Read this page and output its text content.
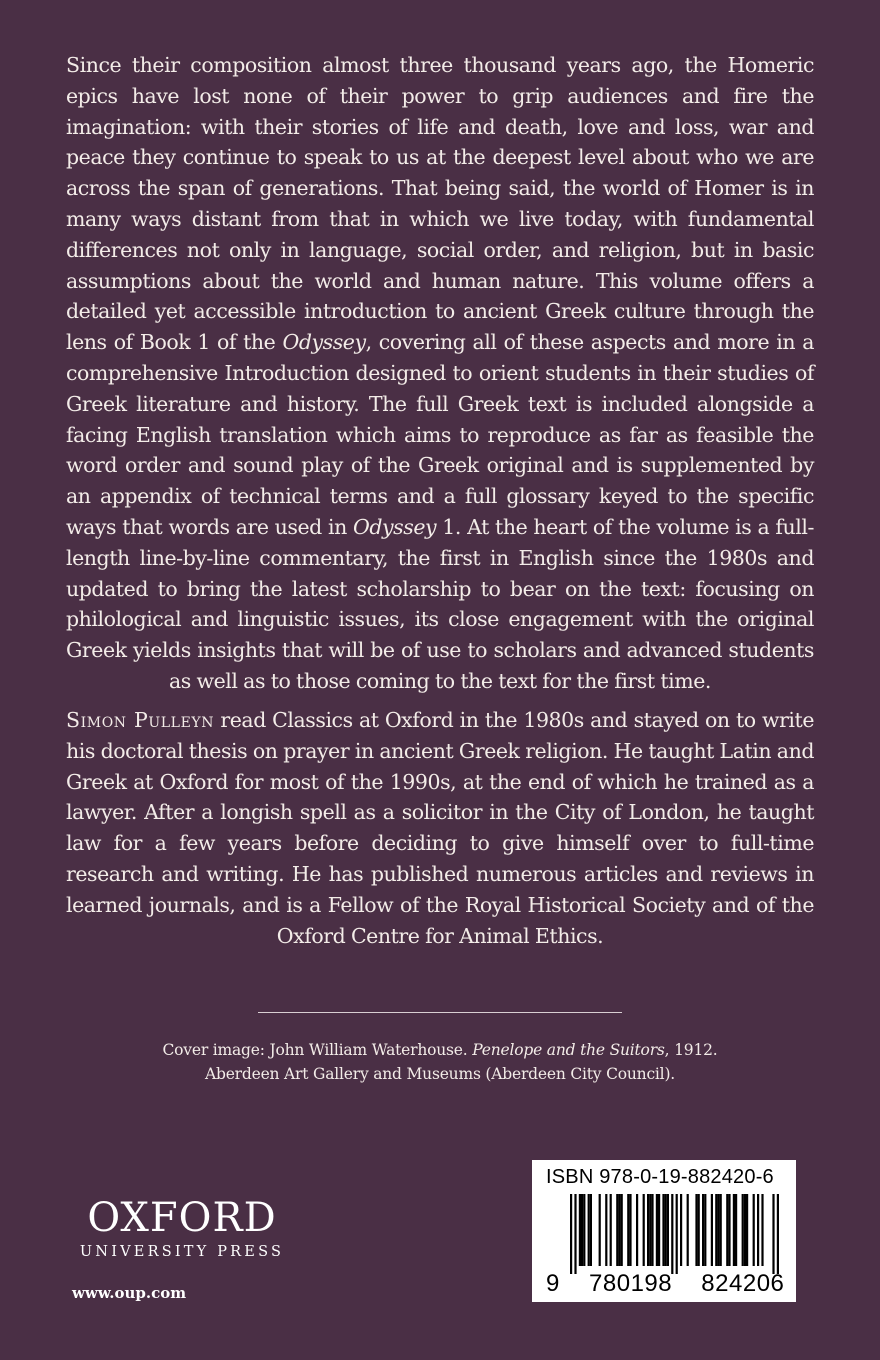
Since their composition almost three thousand years ago, the Homeric epics have lost none of their power to grip audiences and fire the imagination: with their stories of life and death, love and loss, war and peace they continue to speak to us at the deepest level about who we are across the span of generations. That being said, the world of Homer is in many ways distant from that in which we live today, with fundamental differences not only in language, social order, and religion, but in basic assumptions about the world and human nature. This volume offers a detailed yet accessible introduction to ancient Greek culture through the lens of Book 1 of the Odyssey, covering all of these aspects and more in a comprehensive Introduction designed to orient students in their studies of Greek literature and history. The full Greek text is included alongside a facing English translation which aims to reproduce as far as feasible the word order and sound play of the Greek original and is supplemented by an appendix of technical terms and a full glossary keyed to the specific ways that words are used in Odyssey 1. At the heart of the volume is a full-length line-by-line commentary, the first in English since the 1980s and updated to bring the latest scholarship to bear on the text: focusing on philological and linguistic issues, its close engagement with the original Greek yields insights that will be of use to scholars and advanced students as well as to those coming to the text for the first time.

Simon Pulleyn read Classics at Oxford in the 1980s and stayed on to write his doctoral thesis on prayer in ancient Greek religion. He taught Latin and Greek at Oxford for most of the 1990s, at the end of which he trained as a lawyer. After a longish spell as a solicitor in the City of London, he taught law for a few years before deciding to give himself over to full-time research and writing. He has published numerous articles and reviews in learned journals, and is a Fellow of the Royal Historical Society and of the Oxford Centre for Animal Ethics.

Cover image: John William Waterhouse. Penelope and the Suitors, 1912.
Aberdeen Art Gallery and Museums (Aberdeen City Council).
OXFORD
UNIVERSITY PRESS
www.oup.com
ISBN 978-0-19-882420-6
9 780198 824206
